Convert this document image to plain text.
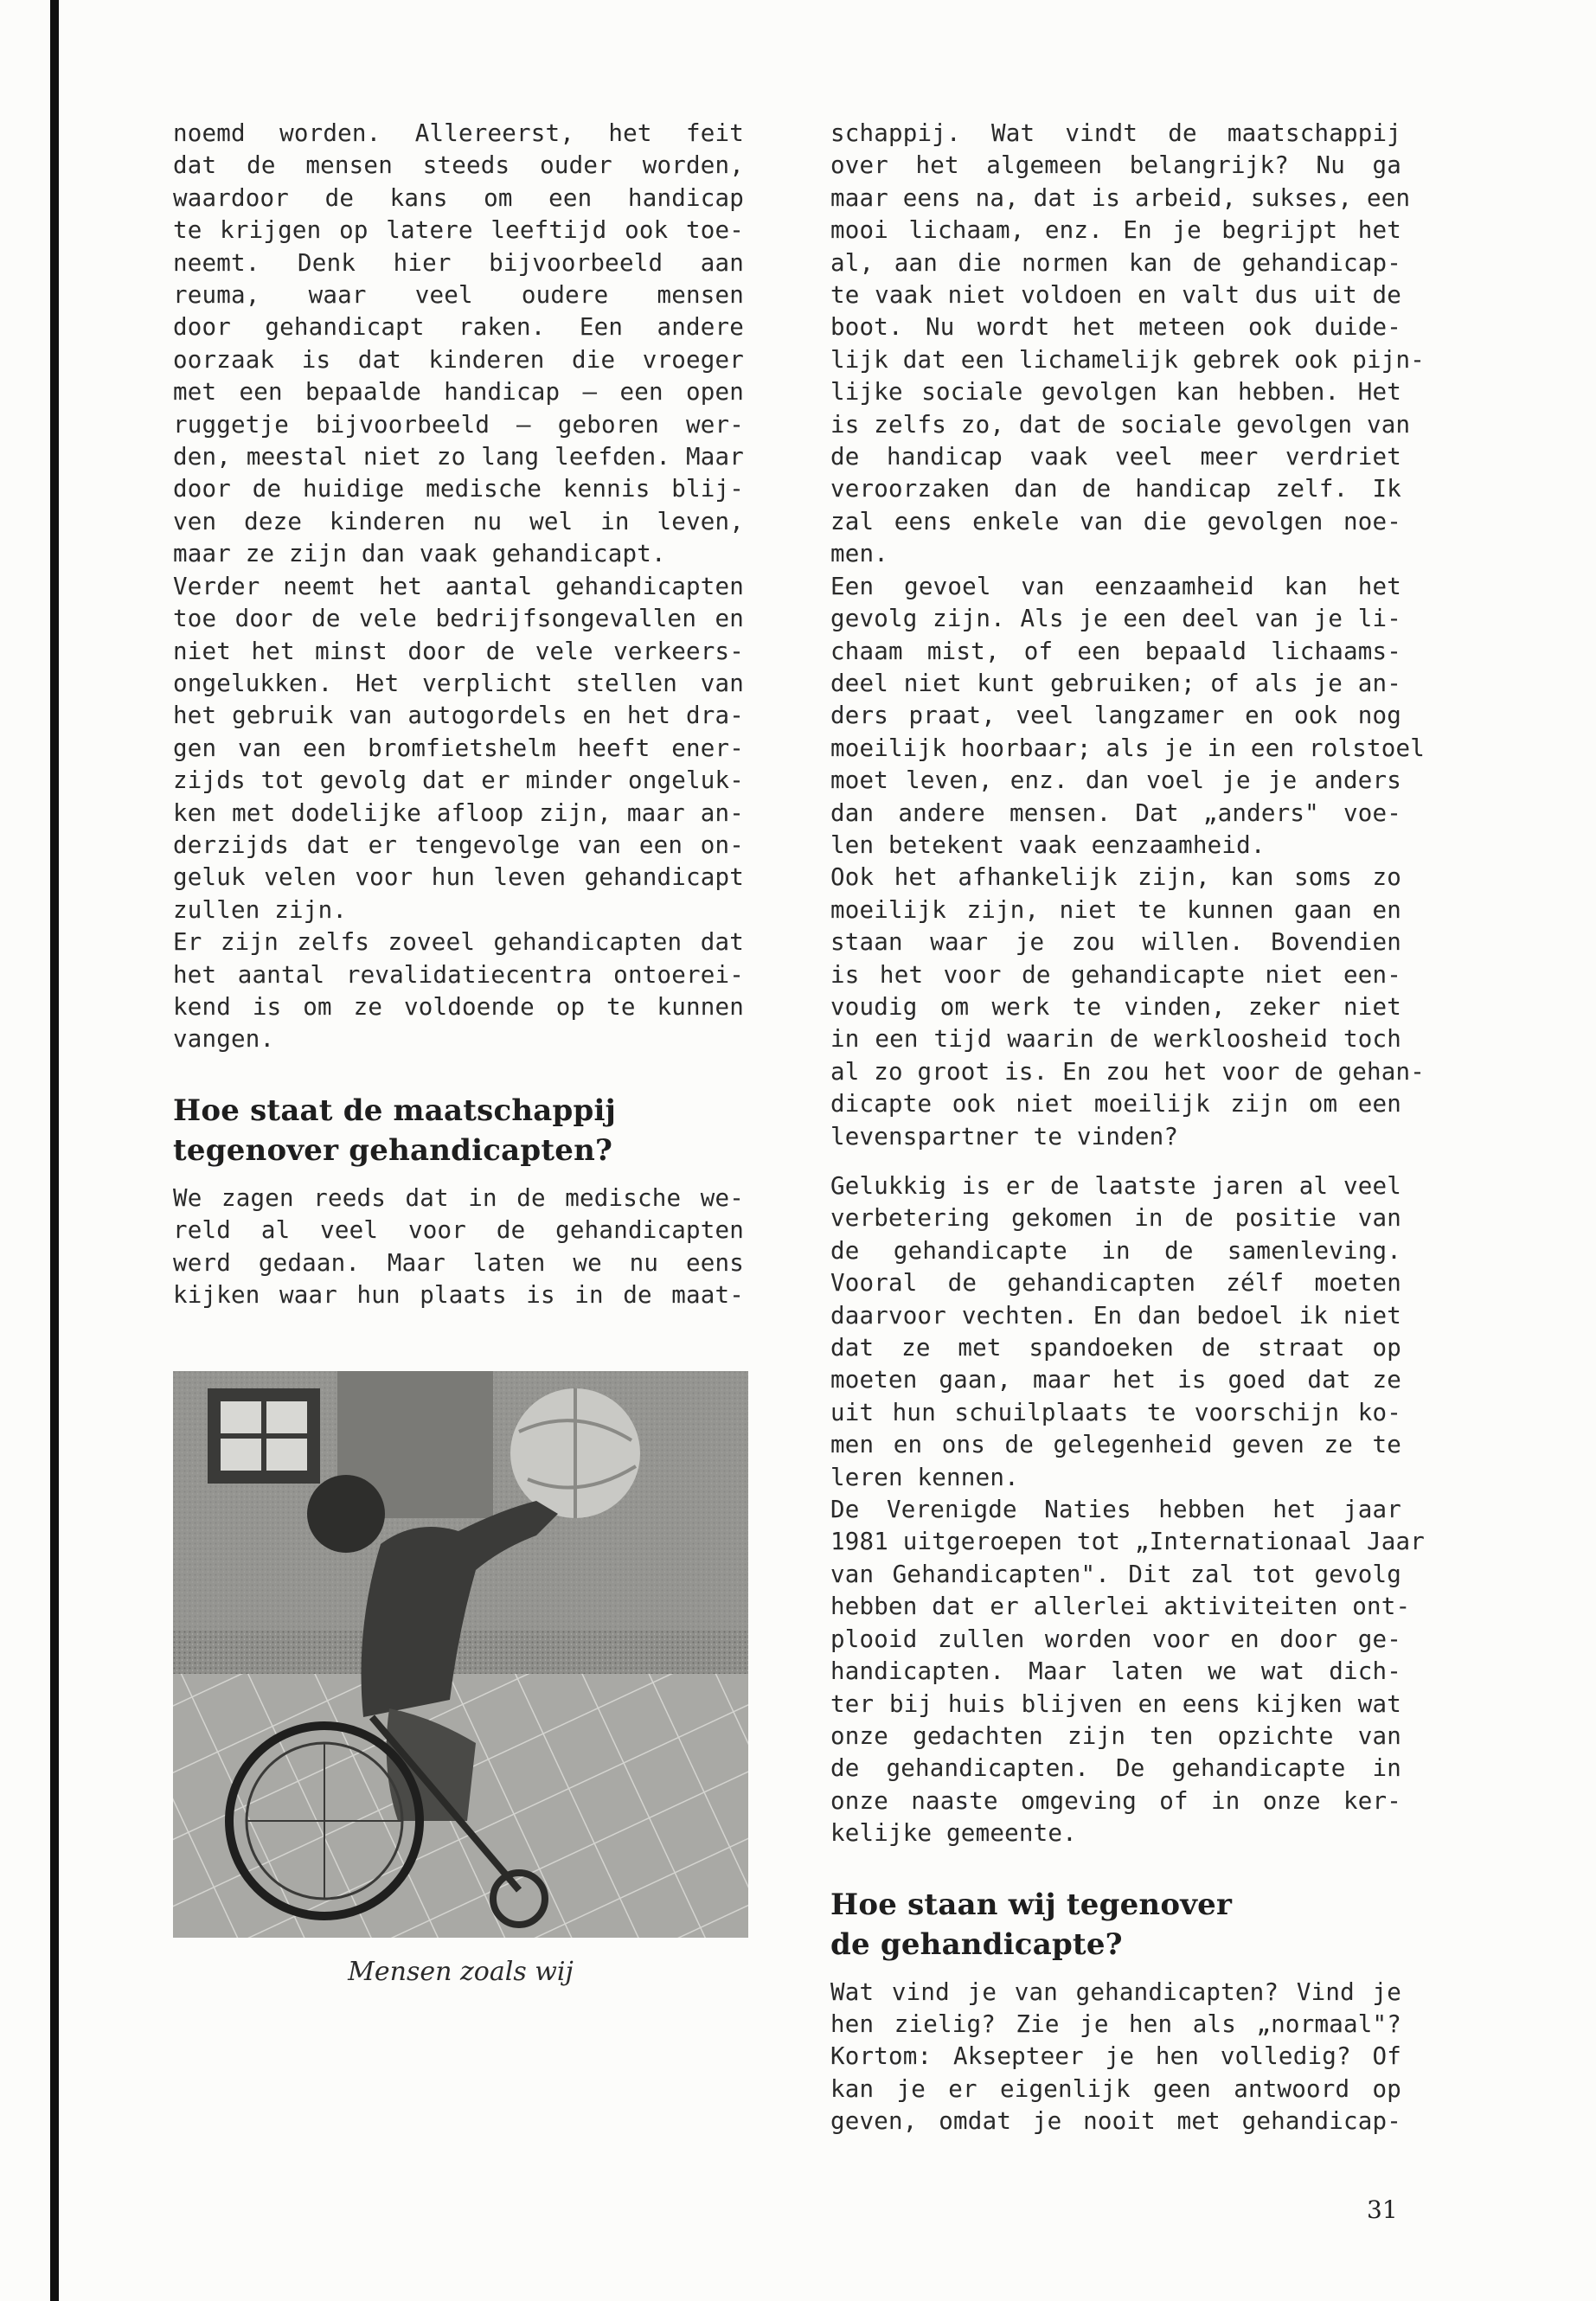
noemd worden. Allereerst, het feit
dat de mensen steeds ouder worden,
waardoor de kans om een handicap
te krijgen op latere leeftijd ook toe-
neemt. Denk hier bijvoorbeeld aan
reuma, waar veel oudere mensen
door gehandicapt raken. Een andere
oorzaak is dat kinderen die vroeger
met een bepaalde handicap — een open
ruggetje bijvoorbeeld — geboren wer-
den, meestal niet zo lang leefden. Maar
door de huidige medische kennis blij-
ven deze kinderen nu wel in leven,
maar ze zijn dan vaak gehandicapt.
Verder neemt het aantal gehandicapten
toe door de vele bedrijfsongevallen en
niet het minst door de vele verkeers-
ongelukken. Het verplicht stellen van
het gebruik van autogordels en het dra-
gen van een bromfietshelm heeft ener-
zijds tot gevolg dat er minder ongeluk-
ken met dodelijke afloop zijn, maar an-
derzijds dat er tengevolge van een on-
geluk velen voor hun leven gehandicapt
zullen zijn.
Er zijn zelfs zoveel gehandicapten dat
het aantal revalidatiecentra ontoerei-
kend is om ze voldoende op te kunnen
vangen.
Hoe staat de maatschappij
tegenover gehandicapten?
We zagen reeds dat in de medische we-
reld al veel voor de gehandicapten
werd gedaan. Maar laten we nu eens
kijken waar hun plaats is in de maat-
Mensen zoals wij
schappij. Wat vindt de maatschappij
over het algemeen belangrijk? Nu ga
maar eens na, dat is arbeid, sukses, een
mooi lichaam, enz. En je begrijpt het
al, aan die normen kan de gehandicap-
te vaak niet voldoen en valt dus uit de
boot. Nu wordt het meteen ook duide-
lijk dat een lichamelijk gebrek ook pijn-
lijke sociale gevolgen kan hebben. Het
is zelfs zo, dat de sociale gevolgen van
de handicap vaak veel meer verdriet
veroorzaken dan de handicap zelf. Ik
zal eens enkele van die gevolgen noe-
men.
Een gevoel van eenzaamheid kan het
gevolg zijn. Als je een deel van je li-
chaam mist, of een bepaald lichaams-
deel niet kunt gebruiken; of als je an-
ders praat, veel langzamer en ook nog
moeilijk hoorbaar; als je in een rolstoel
moet leven, enz. dan voel je je anders
dan andere mensen. Dat „anders" voe-
len betekent vaak eenzaamheid.
Ook het afhankelijk zijn, kan soms zo
moeilijk zijn, niet te kunnen gaan en
staan waar je zou willen. Bovendien
is het voor de gehandicapte niet een-
voudig om werk te vinden, zeker niet
in een tijd waarin de werkloosheid toch
al zo groot is. En zou het voor de gehan-
dicapte ook niet moeilijk zijn om een
levenspartner te vinden?
Gelukkig is er de laatste jaren al veel
verbetering gekomen in de positie van
de gehandicapte in de samenleving.
Vooral de gehandicapten zélf moeten
daarvoor vechten. En dan bedoel ik niet
dat ze met spandoeken de straat op
moeten gaan, maar het is goed dat ze
uit hun schuilplaats te voorschijn ko-
men en ons de gelegenheid geven ze te
leren kennen.
De Verenigde Naties hebben het jaar
1981 uitgeroepen tot „Internationaal Jaar
van Gehandicapten". Dit zal tot gevolg
hebben dat er allerlei aktiviteiten ont-
plooid zullen worden voor en door ge-
handicapten. Maar laten we wat dich-
ter bij huis blijven en eens kijken wat
onze gedachten zijn ten opzichte van
de gehandicapten. De gehandicapte in
onze naaste omgeving of in onze ker-
kelijke gemeente.
Hoe staan wij tegenover
de gehandicapte?
Wat vind je van gehandicapten? Vind je
hen zielig? Zie je hen als „normaal"?
Kortom: Aksepteer je hen volledig? Of
kan je er eigenlijk geen antwoord op
geven, omdat je nooit met gehandicap-
31
